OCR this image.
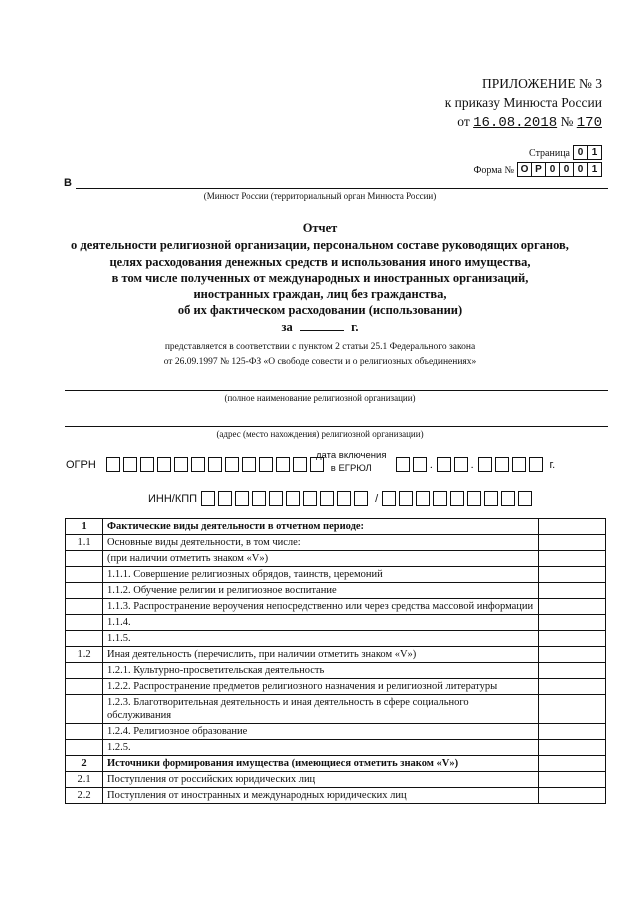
ПРИЛОЖЕНИЕ № 3
к приказу Минюста России
от 16.08.2018 № 170
Страница 0 1
Форма № О Р 0 0 0 1
В
(Минюст России (территориальный орган Минюста России)
Отчет
о деятельности религиозной организации, персональном составе руководящих органов,
целях расходования денежных средств и использования иного имущества,
в том числе полученных от международных и иностранных организаций,
иностранных граждан, лиц без гражданства,
об их фактическом расходовании (использовании)
за	г.
представляется в соответствии с пунктом 2 статьи 25.1 Федерального закона
от 26.09.1997 № 125-ФЗ «О свободе совести и о религиозных объединениях»
(полное наименование религиозной организации)
(адрес (место нахождения) религиозной организации)
ОГРН
дата включения
в ЕГРЮЛ	.	.	г.
ИНН/КПП	/
1	Фактические виды деятельности в отчетном периоде:	
1.1	Основные виды деятельности, в том числе:	
	(при наличии отметить знаком «V»)	
	1.1.1. Совершение религиозных обрядов, таинств, церемоний	
	1.1.2. Обучение религии и религиозное воспитание	
	1.1.3. Распространение вероучения непосредственно или через средства массовой информации	
	1.1.4.	
	1.1.5.	
1.2	Иная деятельность (перечислить, при наличии отметить знаком «V»)	
	1.2.1. Культурно-просветительская деятельность	
	1.2.2. Распространение предметов религиозного назначения и религиозной литературы	
	1.2.3. Благотворительная деятельность и иная деятельность в сфере социального обслуживания	
	1.2.4. Религиозное образование	
	1.2.5.	
2	Источники формирования имущества (имеющиеся отметить знаком «V»)	
2.1	Поступления от российских юридических лиц	
2.2	Поступления от иностранных и международных юридических лиц	
